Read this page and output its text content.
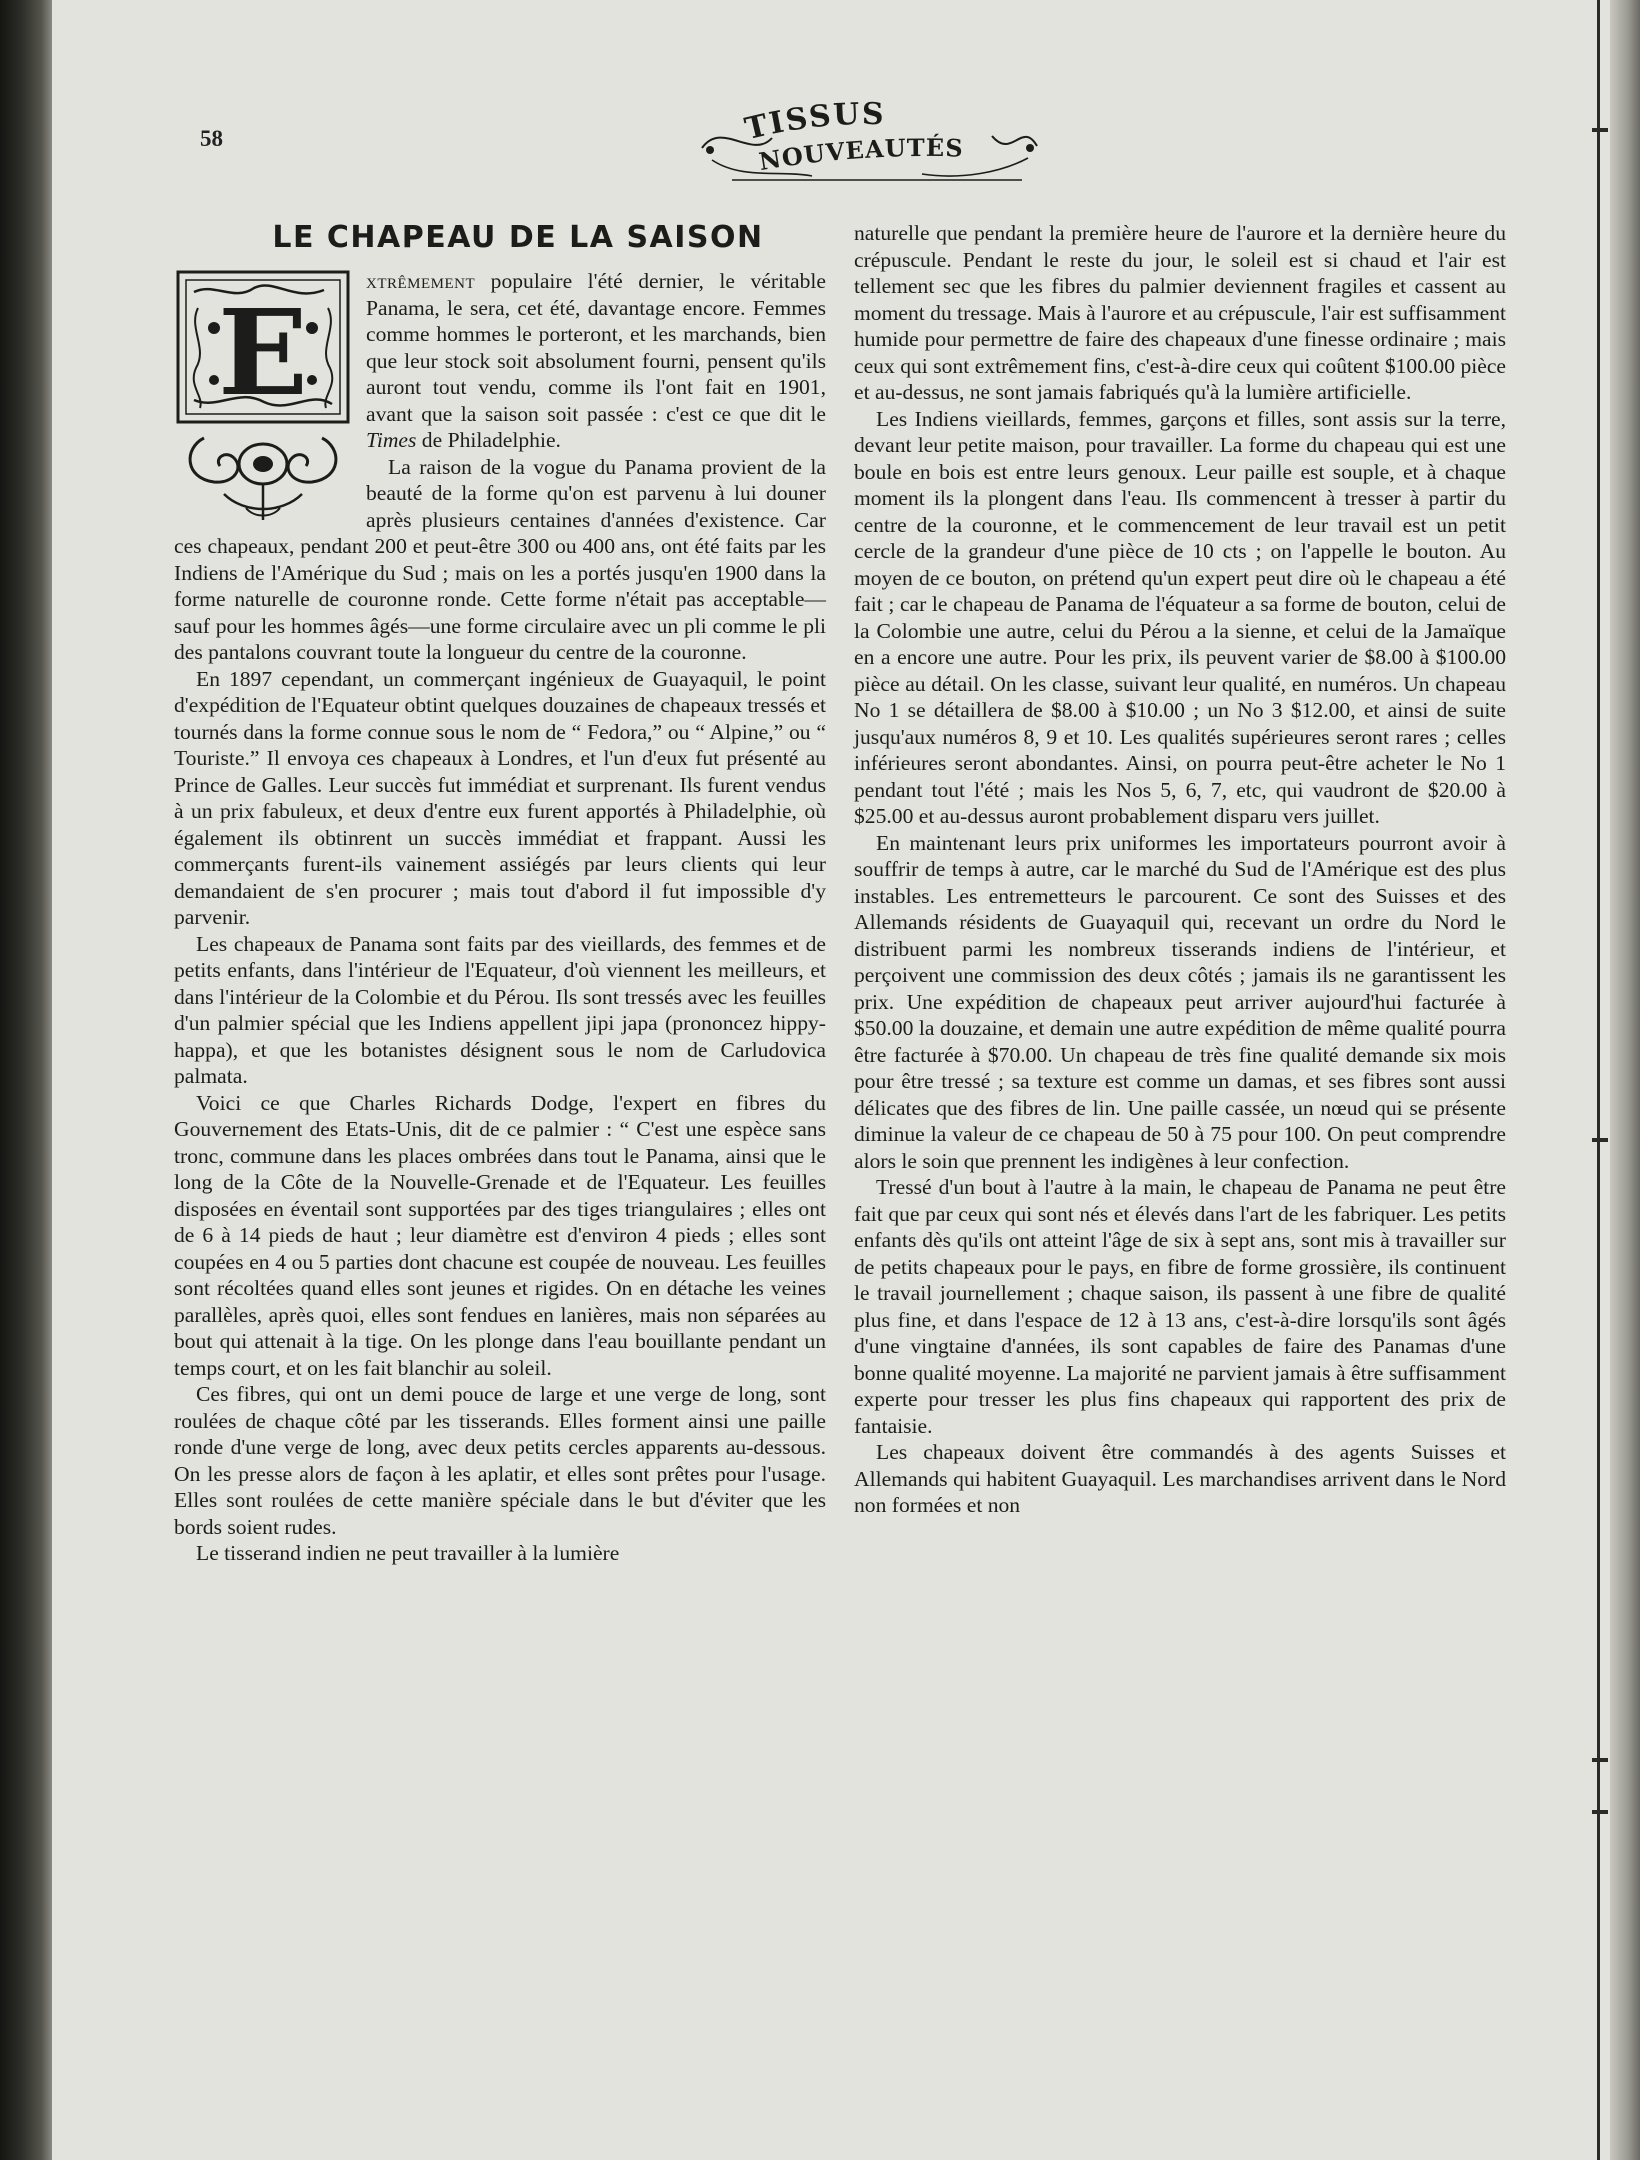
58	TISSUS
NOUVEAUTÉS
LE CHAPEAU DE LA SAISON
E

xtrêmement populaire l'été dernier, le véritable Panama, le sera, cet été, davantage encore. Femmes comme hommes le porteront, et les marchands, bien que leur stock soit absolument fourni, pensent qu'ils auront tout vendu, comme ils l'ont fait en 1901, avant que la saison soit passée : c'est ce que dit le Times de Philadelphie.

La raison de la vogue du Panama provient de la beauté de la forme qu'on est parvenu à lui douner après plusieurs centaines d'années d'existence. Car ces chapeaux, pendant 200 et peut-être 300 ou 400 ans, ont été faits par les Indiens de l'Amérique du Sud ; mais on les a portés jusqu'en 1900 dans la forme naturelle de couronne ronde. Cette forme n'était pas acceptable—sauf pour les hommes âgés—une forme circulaire avec un pli comme le pli des pantalons couvrant toute la longueur du centre de la couronne.

En 1897 cependant, un commerçant ingénieux de Guayaquil, le point d'expédition de l'Equateur obtint quelques douzaines de chapeaux tressés et tournés dans la forme connue sous le nom de “ Fedora,” ou “ Alpine,” ou “ Touriste.” Il envoya ces chapeaux à Londres, et l'un d'eux fut présenté au Prince de Galles. Leur succès fut immédiat et surprenant. Ils furent vendus à un prix fabuleux, et deux d'entre eux furent apportés à Philadelphie, où également ils obtinrent un succès immédiat et frappant. Aussi les commerçants furent-ils vainement assiégés par leurs clients qui leur demandaient de s'en procurer ; mais tout d'abord il fut impossible d'y parvenir.

Les chapeaux de Panama sont faits par des vieillards, des femmes et de petits enfants, dans l'intérieur de l'Equateur, d'où viennent les meilleurs, et dans l'intérieur de la Colombie et du Pérou. Ils sont tressés avec les feuilles d'un palmier spécial que les Indiens appellent jipi japa (prononcez hippy-happa), et que les botanistes désignent sous le nom de Carludovica palmata.

Voici ce que Charles Richards Dodge, l'expert en fibres du Gouvernement des Etats-Unis, dit de ce palmier : “ C'est une espèce sans tronc, commune dans les places ombrées dans tout le Panama, ainsi que le long de la Côte de la Nouvelle-Grenade et de l'Equateur. Les feuilles disposées en éventail sont supportées par des tiges triangulaires ; elles ont de 6 à 14 pieds de haut ; leur diamètre est d'environ 4 pieds ; elles sont coupées en 4 ou 5 parties dont chacune est coupée de nouveau. Les feuilles sont récoltées quand elles sont jeunes et rigides. On en détache les veines parallèles, après quoi, elles sont fendues en lanières, mais non séparées au bout qui attenait à la tige. On les plonge dans l'eau bouillante pendant un temps court, et on les fait blanchir au soleil.

Ces fibres, qui ont un demi pouce de large et une verge de long, sont roulées de chaque côté par les tisserands. Elles forment ainsi une paille ronde d'une verge de long, avec deux petits cercles apparents au-dessous. On les presse alors de façon à les aplatir, et elles sont prêtes pour l'usage. Elles sont roulées de cette manière spéciale dans le but d'éviter que les bords soient rudes.

Le tisserand indien ne peut travailler à la lumière

naturelle que pendant la première heure de l'aurore et la dernière heure du crépuscule. Pendant le reste du jour, le soleil est si chaud et l'air est tellement sec que les fibres du palmier deviennent fragiles et cassent au moment du tressage. Mais à l'aurore et au crépuscule, l'air est suffisamment humide pour permettre de faire des chapeaux d'une finesse ordinaire ; mais ceux qui sont extrêmement fins, c'est-à-dire ceux qui coûtent $100.00 pièce et au-dessus, ne sont jamais fabriqués qu'à la lumière artificielle.

Les Indiens vieillards, femmes, garçons et filles, sont assis sur la terre, devant leur petite maison, pour travailler. La forme du chapeau qui est une boule en bois est entre leurs genoux. Leur paille est souple, et à chaque moment ils la plongent dans l'eau. Ils commencent à tresser à partir du centre de la couronne, et le commencement de leur travail est un petit cercle de la grandeur d'une pièce de 10 cts ; on l'appelle le bouton. Au moyen de ce bouton, on prétend qu'un expert peut dire où le chapeau a été fait ; car le chapeau de Panama de l'équateur a sa forme de bouton, celui de la Colombie une autre, celui du Pérou a la sienne, et celui de la Jamaïque en a encore une autre. Pour les prix, ils peuvent varier de $8.00 à $100.00 pièce au détail. On les classe, suivant leur qualité, en numéros. Un chapeau No 1 se détaillera de $8.00 à $10.00 ; un No 3 $12.00, et ainsi de suite jusqu'aux numéros 8, 9 et 10. Les qualités supérieures seront rares ; celles inférieures seront abondantes. Ainsi, on pourra peut-être acheter le No 1 pendant tout l'été ; mais les Nos 5, 6, 7, etc, qui vaudront de $20.00 à $25.00 et au-dessus auront probablement disparu vers juillet.

En maintenant leurs prix uniformes les importateurs pourront avoir à souffrir de temps à autre, car le marché du Sud de l'Amérique est des plus instables. Les entremetteurs le parcourent. Ce sont des Suisses et des Allemands résidents de Guayaquil qui, recevant un ordre du Nord le distribuent parmi les nombreux tisserands indiens de l'intérieur, et perçoivent une commission des deux côtés ; jamais ils ne garantissent les prix. Une expédition de chapeaux peut arriver aujourd'hui facturée à $50.00 la douzaine, et demain une autre expédition de même qualité pourra être facturée à $70.00. Un chapeau de très fine qualité demande six mois pour être tressé ; sa texture est comme un damas, et ses fibres sont aussi délicates que des fibres de lin. Une paille cassée, un nœud qui se présente diminue la valeur de ce chapeau de 50 à 75 pour 100. On peut comprendre alors le soin que prennent les indigènes à leur confection.

Tressé d'un bout à l'autre à la main, le chapeau de Panama ne peut être fait que par ceux qui sont nés et élevés dans l'art de les fabriquer. Les petits enfants dès qu'ils ont atteint l'âge de six à sept ans, sont mis à travailler sur de petits chapeaux pour le pays, en fibre de forme grossière, ils continuent le travail journellement ; chaque saison, ils passent à une fibre de qualité plus fine, et dans l'espace de 12 à 13 ans, c'est-à-dire lorsqu'ils sont âgés d'une vingtaine d'années, ils sont capables de faire des Panamas d'une bonne qualité moyenne. La majorité ne parvient jamais à être suffisamment experte pour tresser les plus fins chapeaux qui rapportent des prix de fantaisie.

Les chapeaux doivent être commandés à des agents Suisses et Allemands qui habitent Guayaquil. Les marchandises arrivent dans le Nord non formées et non
